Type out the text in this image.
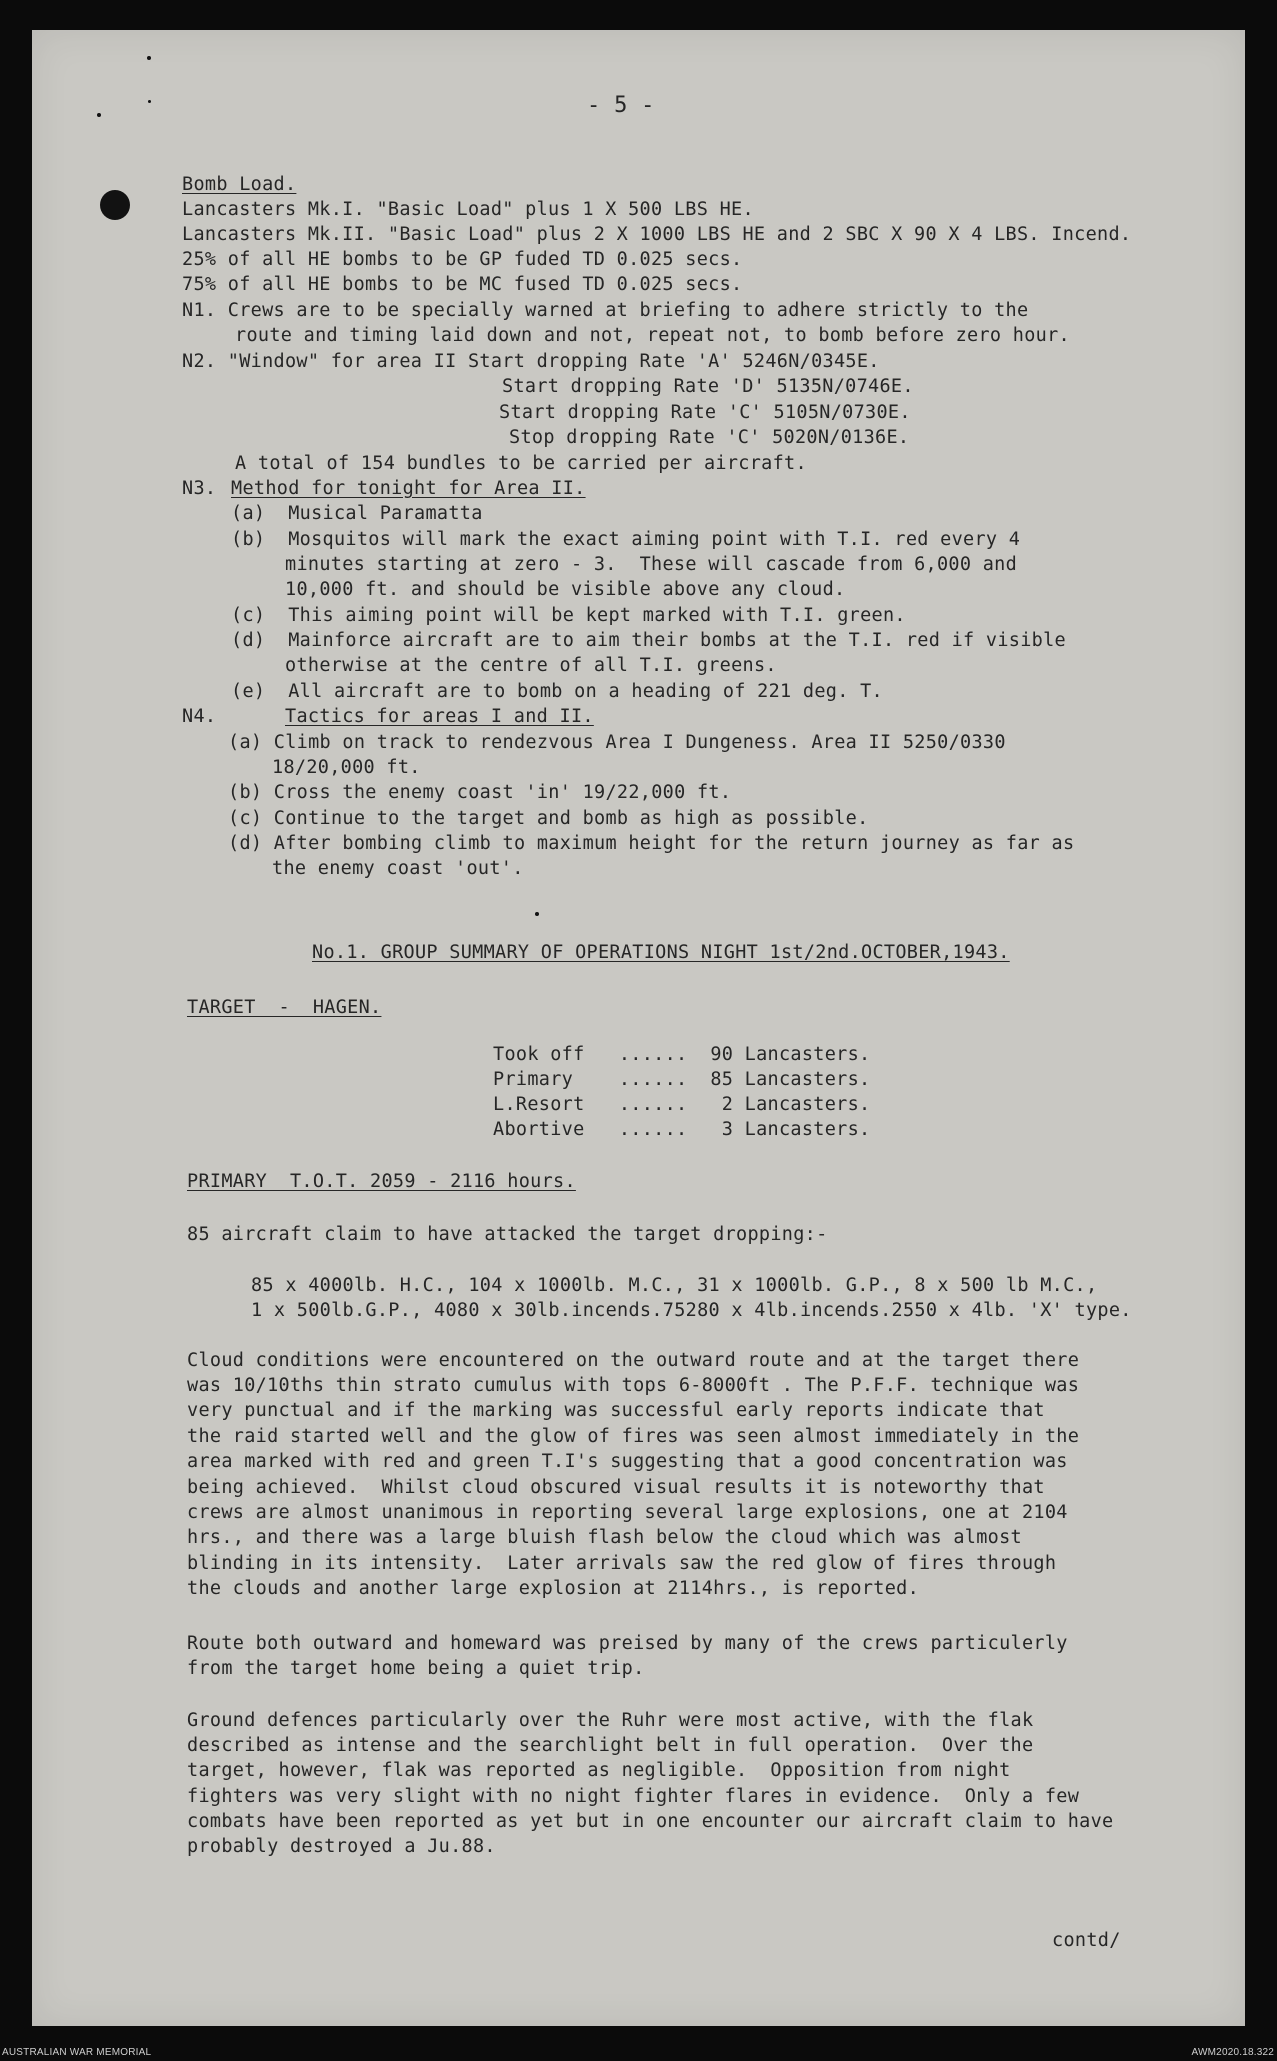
- 5 -
Bomb Load.
Lancasters Mk.I. "Basic Load" plus 1 X 500 LBS HE.
Lancasters Mk.II. "Basic Load" plus 2 X 1000 LBS HE and 2 SBC X 90 X 4 LBS. Incend.
25% of all HE bombs to be GP fuded TD 0.025 secs.
75% of all HE bombs to be MC fused TD 0.025 secs.
N1. Crews are to be specially warned at briefing to adhere strictly to the
route and timing laid down and not, repeat not, to bomb before zero hour.
N2. "Window" for area II Start dropping Rate 'A' 5246N/0345E.
Start dropping Rate 'D' 5135N/0746E.
Start dropping Rate 'C' 5105N/0730E.
Stop dropping Rate 'C' 5020N/0136E.
A total of 154 bundles to be carried per aircraft.
N3. Method for tonight for Area II.
(a)  Musical Paramatta
(b)  Mosquitos will mark the exact aiming point with T.I. red every 4
minutes starting at zero - 3.  These will cascade from 6,000 and
10,000 ft. and should be visible above any cloud.
(c)  This aiming point will be kept marked with T.I. green.
(d)  Mainforce aircraft are to aim their bombs at the T.I. red if visible
otherwise at the centre of all T.I. greens.
(e)  All aircraft are to bomb on a heading of 221 deg. T.
N4.	Tactics for areas I and II.
(a) Climb on track to rendezvous Area I Dungeness. Area II 5250/0330
18/20,000 ft.
(b) Cross the enemy coast 'in' 19/22,000 ft.
(c) Continue to the target and bomb as high as possible.
(d) After bombing climb to maximum height for the return journey as far as
the enemy coast 'out'.
No.1. GROUP SUMMARY OF OPERATIONS NIGHT 1st/2nd.OCTOBER,1943.
TARGET  -  HAGEN.
Took off   ......  90 Lancasters.
Primary    ......  85 Lancasters.
L.Resort   ......   2 Lancasters.
Abortive   ......   3 Lancasters.
PRIMARY  T.O.T. 2059 - 2116 hours.
85 aircraft claim to have attacked the target dropping:-
85 x 4000lb. H.C., 104 x 1000lb. M.C., 31 x 1000lb. G.P., 8 x 500 lb M.C.,
1 x 500lb.G.P., 4080 x 30lb.incends.75280 x 4lb.incends.2550 x 4lb. 'X' type.
Cloud conditions were encountered on the outward route and at the target there
was 10/10ths thin strato cumulus with tops 6-8000ft . The P.F.F. technique was
very punctual and if the marking was successful early reports indicate that
the raid started well and the glow of fires was seen almost immediately in the
area marked with red and green T.I's suggesting that a good concentration was
being achieved.  Whilst cloud obscured visual results it is noteworthy that
crews are almost unanimous in reporting several large explosions, one at 2104
hrs., and there was a large bluish flash below the cloud which was almost
blinding in its intensity.  Later arrivals saw the red glow of fires through
the clouds and another large explosion at 2114hrs., is reported.
Route both outward and homeward was preised by many of the crews particulerly
from the target home being a quiet trip.
Ground defences particularly over the Ruhr were most active, with the flak
described as intense and the searchlight belt in full operation.  Over the
target, however, flak was reported as negligible.  Opposition from night
fighters was very slight with no night fighter flares in evidence.  Only a few
combats have been reported as yet but in one encounter our aircraft claim to have
probably destroyed a Ju.88.
contd/
AUSTRALIAN WAR MEMORIAL	AWM2020.18.322
